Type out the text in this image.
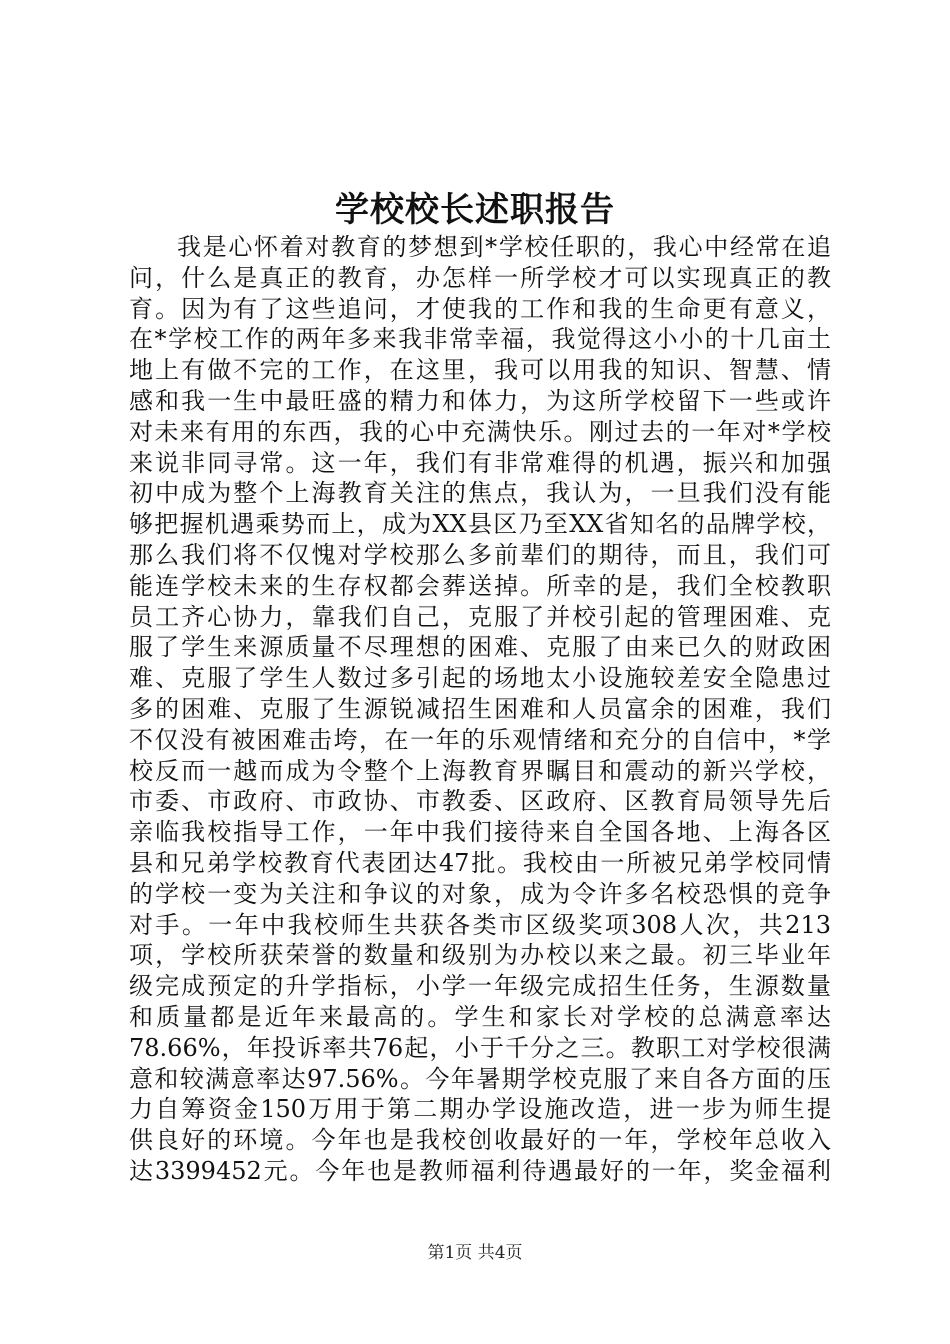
学校校长述职报告
我是心怀着对教育的梦想到*学校任职的，我心中经常在追
问，什么是真正的教育，办怎样一所学校才可以实现真正的教
育。因为有了这些追问，才使我的工作和我的生命更有意义，
在*学校工作的两年多来我非常幸福，我觉得这小小的十几亩土
地上有做不完的工作，在这里，我可以用我的知识、智慧、情
感和我一生中最旺盛的精力和体力，为这所学校留下一些或许
对未来有用的东西，我的心中充满快乐。刚过去的一年对*学校
来说非同寻常。这一年，我们有非常难得的机遇，振兴和加强
初中成为整个上海教育关注的焦点，我认为，一旦我们没有能
够把握机遇乘势而上，成为XX县区乃至XX省知名的品牌学校，
那么我们将不仅愧对学校那么多前辈们的期待，而且，我们可
能连学校未来的生存权都会葬送掉。所幸的是，我们全校教职
员工齐心协力，靠我们自己，克服了并校引起的管理困难、克
服了学生来源质量不尽理想的困难、克服了由来已久的财政困
难、克服了学生人数过多引起的场地太小设施较差安全隐患过
多的困难、克服了生源锐减招生困难和人员富余的困难，我们
不仅没有被困难击垮，在一年的乐观情绪和充分的自信中，*学
校反而一越而成为令整个上海教育界瞩目和震动的新兴学校，
市委、市政府、市政协、市教委、区政府、区教育局领导先后
亲临我校指导工作，一年中我们接待来自全国各地、上海各区
县和兄弟学校教育代表团达47批。我校由一所被兄弟学校同情
的学校一变为关注和争议的对象，成为令许多名校恐惧的竞争
对手。一年中我校师生共获各类市区级奖项308人次，共213
项，学校所获荣誉的数量和级别为办校以来之最。初三毕业年
级完成预定的升学指标，小学一年级完成招生任务，生源数量
和质量都是近年来最高的。学生和家长对学校的总满意率达
78.66%，年投诉率共76起，小于千分之三。教职工对学校很满
意和较满意率达97.56%。今年暑期学校克服了来自各方面的压
力自筹资金150万用于第二期办学设施改造，进一步为师生提
供良好的环境。今年也是我校创收最好的一年，学校年总收入
达3399452元。今年也是教师福利待遇最好的一年，奖金福利
第1页 共4页
